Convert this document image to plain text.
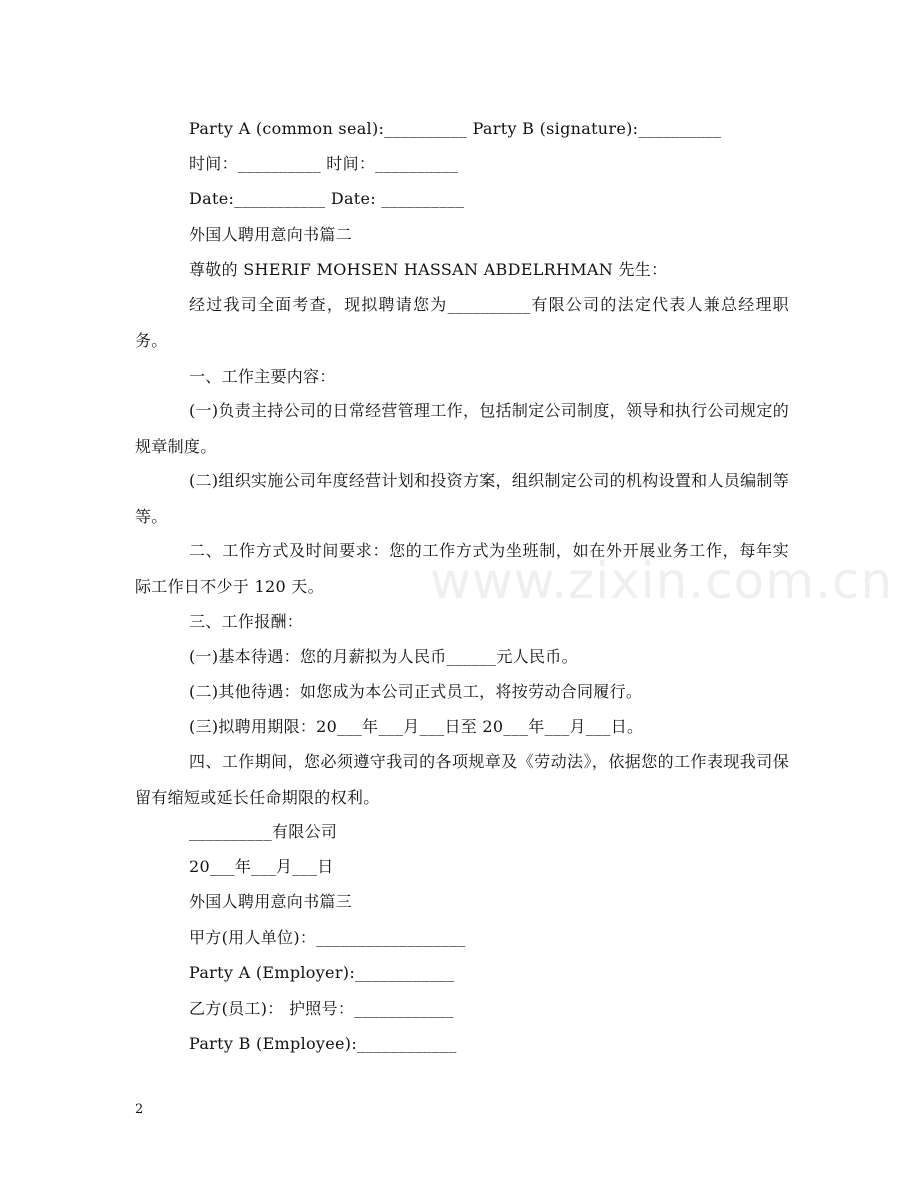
Party A (common seal):__________ Party B (signature):__________
时间：__________ 时间：__________
Date:___________ Date: __________
外国人聘用意向书篇二
尊敬的 SHERIF MOHSEN HASSAN ABDELRHMAN 先生：
经过我司全面考查，现拟聘请您为__________有限公司的法定代表人兼总经理职务。
一、工作主要内容：
(一)负责主持公司的日常经营管理工作，包括制定公司制度，领导和执行公司规定的规章制度。
(二)组织实施公司年度经营计划和投资方案，组织制定公司的机构设置和人员编制等等。
二、工作方式及时间要求：您的工作方式为坐班制，如在外开展业务工作，每年实际工作日不少于 120 天。
三、工作报酬：
(一)基本待遇：您的月薪拟为人民币______元人民币。
(二)其他待遇：如您成为本公司正式员工，将按劳动合同履行。
(三)拟聘用期限：20___年___月___日至 20___年___月___日。
四、工作期间，您必须遵守我司的各项规章及《劳动法》，依据您的工作表现我司保留有缩短或延长任命期限的权利。
__________有限公司
20___年___月___日
外国人聘用意向书篇三
甲方(用人单位)：__________________
Party A (Employer):____________
乙方(员工)： 护照号：____________
Party B (Employee):____________
www.zixin.com.cn
2
